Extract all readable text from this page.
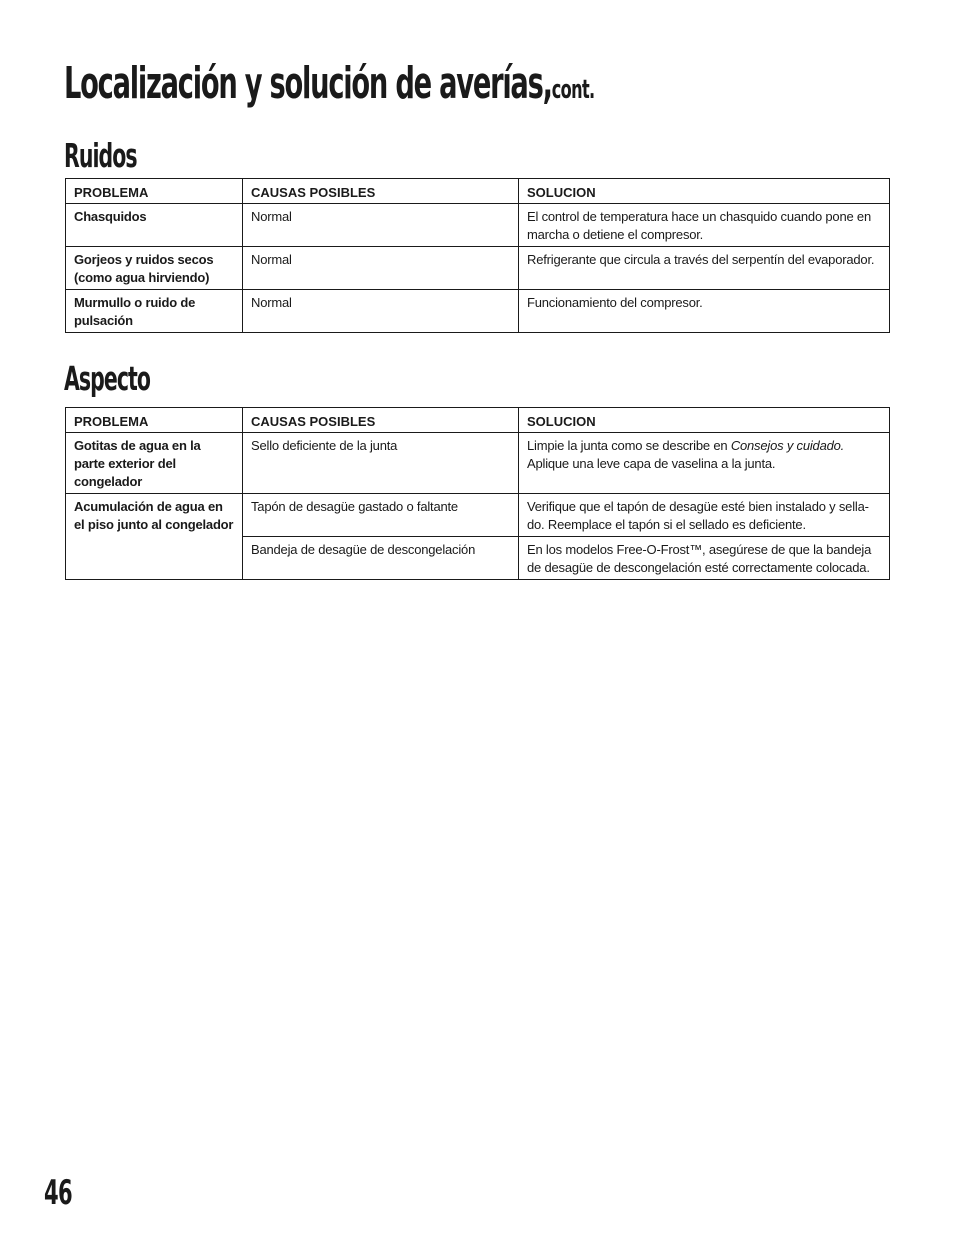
Localización y solución de averías,cont.
Ruidos
PROBLEMA	CAUSAS POSIBLES	SOLUCION
Chasquidos	Normal	El control de temperatura hace un chasquido cuando pone en marcha o detiene el compresor.
Gorjeos y ruidos secos (como agua hirviendo)	Normal	Refrigerante que circula a través del serpentín del evaporador.
Murmullo o ruido de pulsación	Normal	Funcionamiento del compresor.
Aspecto
PROBLEMA	CAUSAS POSIBLES	SOLUCION
Gotitas de agua en la parte exterior del congelador	Sello deficiente de la junta	Limpie la junta como se describe en Consejos y cuidado. Aplique una leve capa de vaselina a la junta.
Acumulación de agua en el piso junto al congelador	Tapón de desagüe gastado o faltante	Verifique que el tapón de desagüe esté bien instalado y sella-do. Reemplace el tapón si el sellado es deficiente.
	Bandeja de desagüe de descongelación	En los modelos Free-O-Frost™, asegúrese de que la bandeja de desagüe de descongelación esté correctamente colocada.
46
